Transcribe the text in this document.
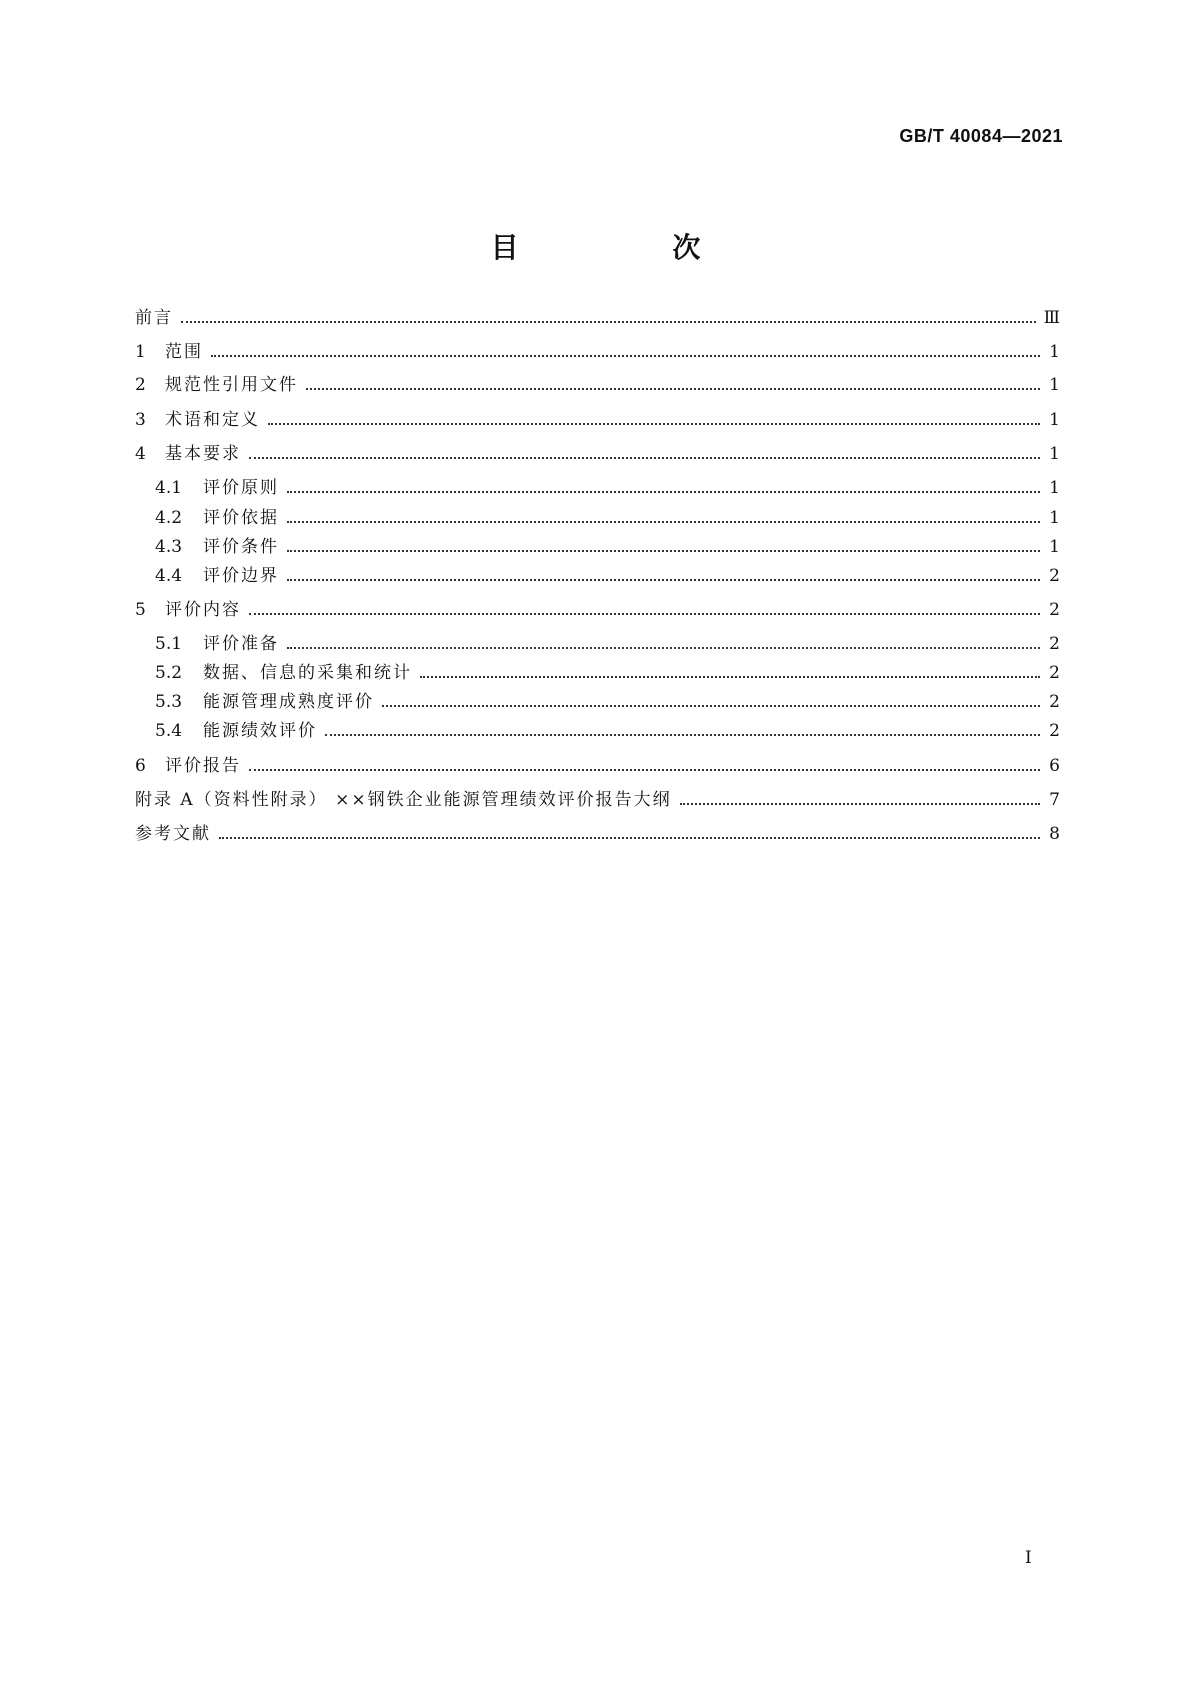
GB/T 40084—2021
目 次
前言	Ⅲ
1	范围	1
2	规范性引用文件	1
3	术语和定义	1
4	基本要求	1
4.1	评价原则	1
4.2	评价依据	1
4.3	评价条件	1
4.4	评价边界	2
5	评价内容	2
5.1	评价准备	2
5.2	数据、信息的采集和统计	2
5.3	能源管理成熟度评价	2
5.4	能源绩效评价	2
6	评价报告	6
附录 A（资料性附录） ××钢铁企业能源管理绩效评价报告大纲	7
参考文献	8
I
